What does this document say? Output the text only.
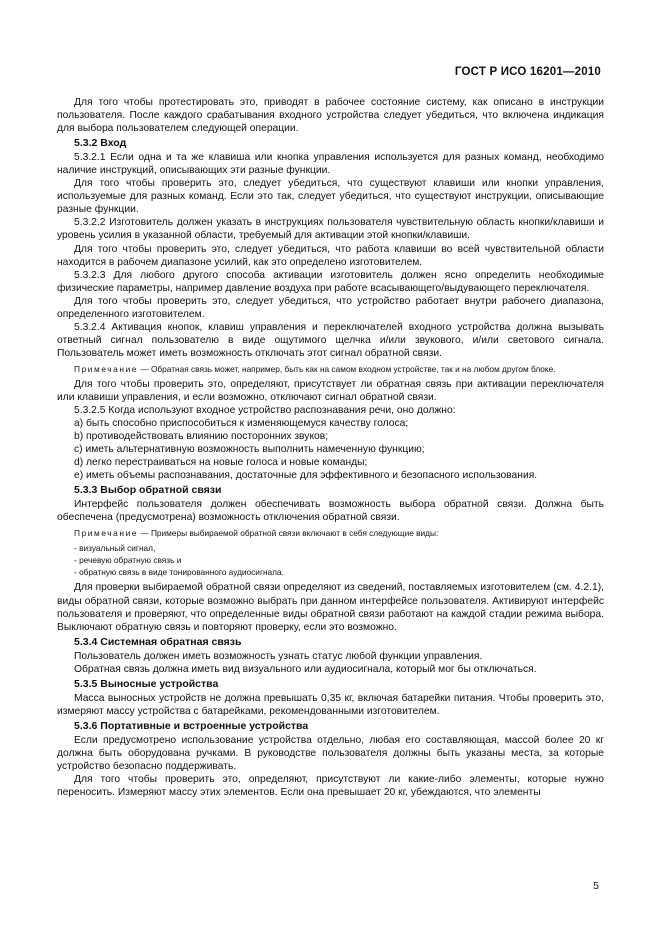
ГОСТ Р ИСО 16201—2010

Для того чтобы протестировать это, приводят в рабочее состояние систему, как описано в инструкции пользователя. После каждого срабатывания входного устройства следует убедиться, что включена индикация для выбора пользователем следующей операции.

5.3.2 Вход

5.3.2.1 Если одна и та же клавиша или кнопка управления используется для разных команд, необходимо наличие инструкций, описывающих эти разные функции.

Для того чтобы проверить это, следует убедиться, что существуют клавиши или кнопки управления, используемые для разных команд. Если это так, следует убедиться, что существуют инструкции, описывающие разные функции.

5.3.2.2 Изготовитель должен указать в инструкциях пользователя чувствительную область кнопки/клавиши и уровень усилия в указанной области, требуемый для активации этой кнопки/клавиши.

Для того чтобы проверить это, следует убедиться, что работа клавиши во всей чувствительной области находится в рабочем диапазоне усилий, как это определено изготовителем.

5.3.2.3 Для любого другого способа активации изготовитель должен ясно определить необходимые физические параметры, например давление воздуха при работе всасывающего/выдувающего переключателя.

Для того чтобы проверить это, следует убедиться, что устройство работает внутри рабочего диапазона, определенного изготовителем.

5.3.2.4 Активация кнопок, клавиш управления и переключателей входного устройства должна вызывать ответный сигнал пользователю в виде ощутимого щелчка и/или звукового, и/или светового сигнала. Пользователь может иметь возможность отключать этот сигнал обратной связи.

Примечание — Обратная связь может, например, быть как на самом входном устройстве, так и на любом другом блоке.

Для того чтобы проверить это, определяют, присутствует ли обратная связь при активации переключателя или клавиши управления, и если возможно, отключают сигнал обратной связи.

5.3.2.5 Когда используют входное устройство распознавания речи, оно должно:

a) быть способно приспособиться к изменяющемуся качеству голоса;

b) противодействовать влиянию посторонних звуков;

c) иметь альтернативную возможность выполнить намеченную функцию;

d) легко перестраиваться на новые голоса и новые команды;

e) иметь объемы распознавания, достаточные для эффективного и безопасного использования.

5.3.3 Выбор обратной связи

Интерфейс пользователя должен обеспечивать возможность выбора обратной связи. Должна быть обеспечена (предусмотрена) возможность отключения обратной связи.

Примечание — Примеры выбираемой обратной связи включают в себя следующие виды:

- визуальный сигнал,

- речевую обратную связь и

- обратную связь в виде тонированного аудиосигнала.

Для проверки выбираемой обратной связи определяют из сведений, поставляемых изготовителем (см. 4.2.1), виды обратной связи, которые возможно выбрать при данном интерфейсе пользователя. Активируют интерфейс пользователя и проверяют, что определенные виды обратной связи работают на каждой стадии режима выбора. Выключают обратную связь и повторяют проверку, если это возможно.

5.3.4 Системная обратная связь

Пользователь должен иметь возможность узнать статус любой функции управления.

Обратная связь должна иметь вид визуального или аудиосигнала, который мог бы отключаться.

5.3.5 Выносные устройства

Масса выносных устройств не должна превышать 0,35 кг, включая батарейки питания. Чтобы проверить это, измеряют массу устройства с батарейками, рекомендованными изготовителем.

5.3.6 Портативные и встроенные устройства

Если предусмотрено использование устройства отдельно, любая его составляющая, массой более 20 кг должна быть оборудована ручками. В руководстве пользователя должны быть указаны места, за которые устройство безопасно поддерживать.

Для того чтобы проверить это, определяют, присутствуют ли какие-либо элементы, которые нужно переносить. Измеряют массу этих элементов. Если она превышает 20 кг, убеждаются, что элементы

5
